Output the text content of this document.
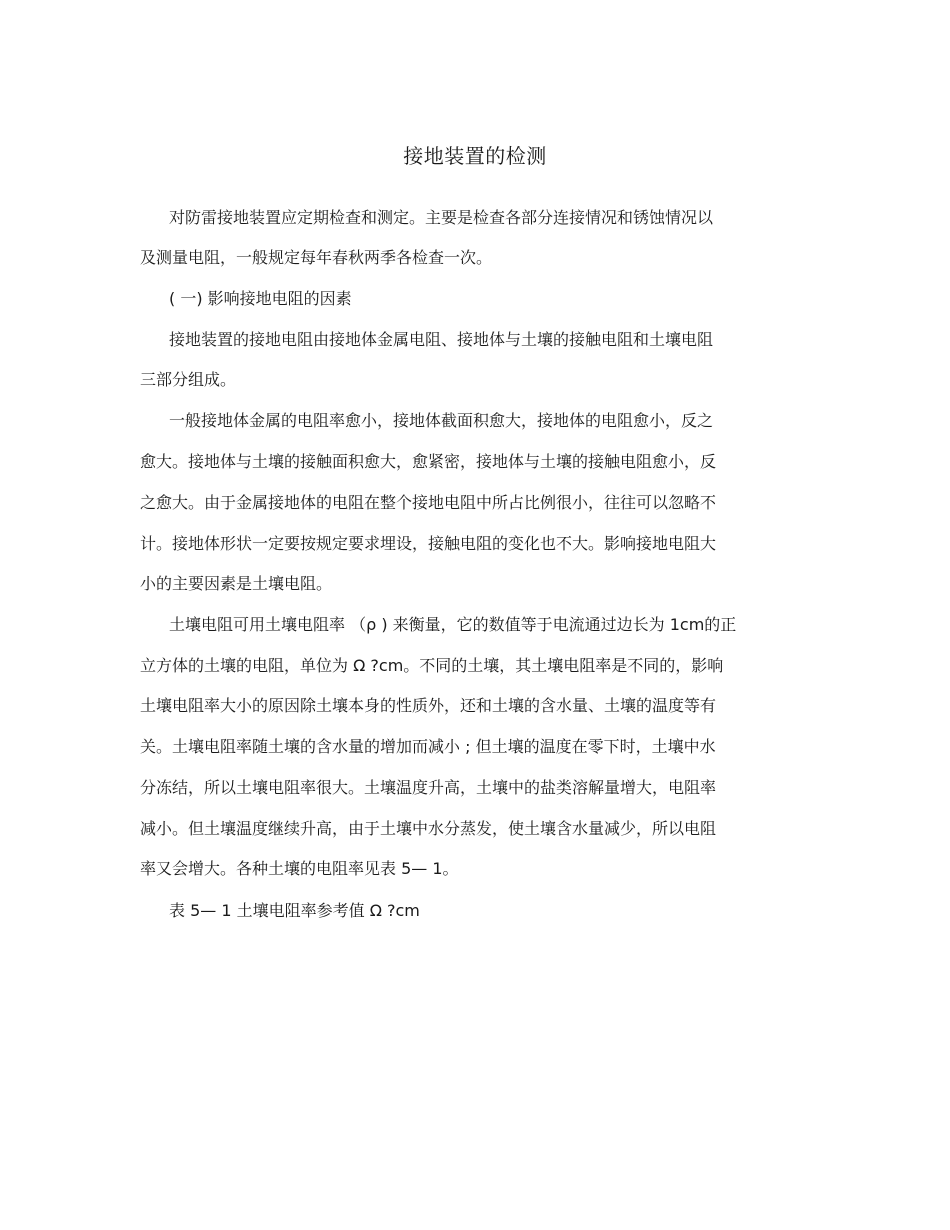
接地装置的检测
对防雷接地装置应定期检查和测定。主要是检查各部分连接情况和锈蚀情况以
及测量电阻，一般规定每年春秋两季各检查一次。
( 一) 影响接地电阻的因素
接地装置的接地电阻由接地体金属电阻、接地体与土壤的接触电阻和土壤电阻
三部分组成。
一般接地体金属的电阻率愈小，接地体截面积愈大，接地体的电阻愈小，反之
愈大。接地体与土壤的接触面积愈大，愈紧密，接地体与土壤的接触电阻愈小，反
之愈大。由于金属接地体的电阻在整个接地电阻中所占比例很小，往往可以忽略不
计。接地体形状一定要按规定要求埋设，接触电阻的变化也不大。影响接地电阻大
小的主要因素是土壤电阻。
土壤电阻可用土壤电阻率 （ρ ) 来衡量，它的数值等于电流通过边长为 1cm的正
立方体的土壤的电阻，单位为 Ω ?cm。不同的土壤，其土壤电阻率是不同的，影响
土壤电阻率大小的原因除土壤本身的性质外，还和土壤的含水量、土壤的温度等有
关。土壤电阻率随土壤的含水量的增加而减小 ; 但土壤的温度在零下时，土壤中水
分冻结，所以土壤电阻率很大。土壤温度升高，土壤中的盐类溶解量增大，电阻率
减小。但土壤温度继续升高，由于土壤中水分蒸发，使土壤含水量减少，所以电阻
率又会增大。各种土壤的电阻率见表 5— 1。
表 5— 1 土壤电阻率参考值 Ω ?cm
